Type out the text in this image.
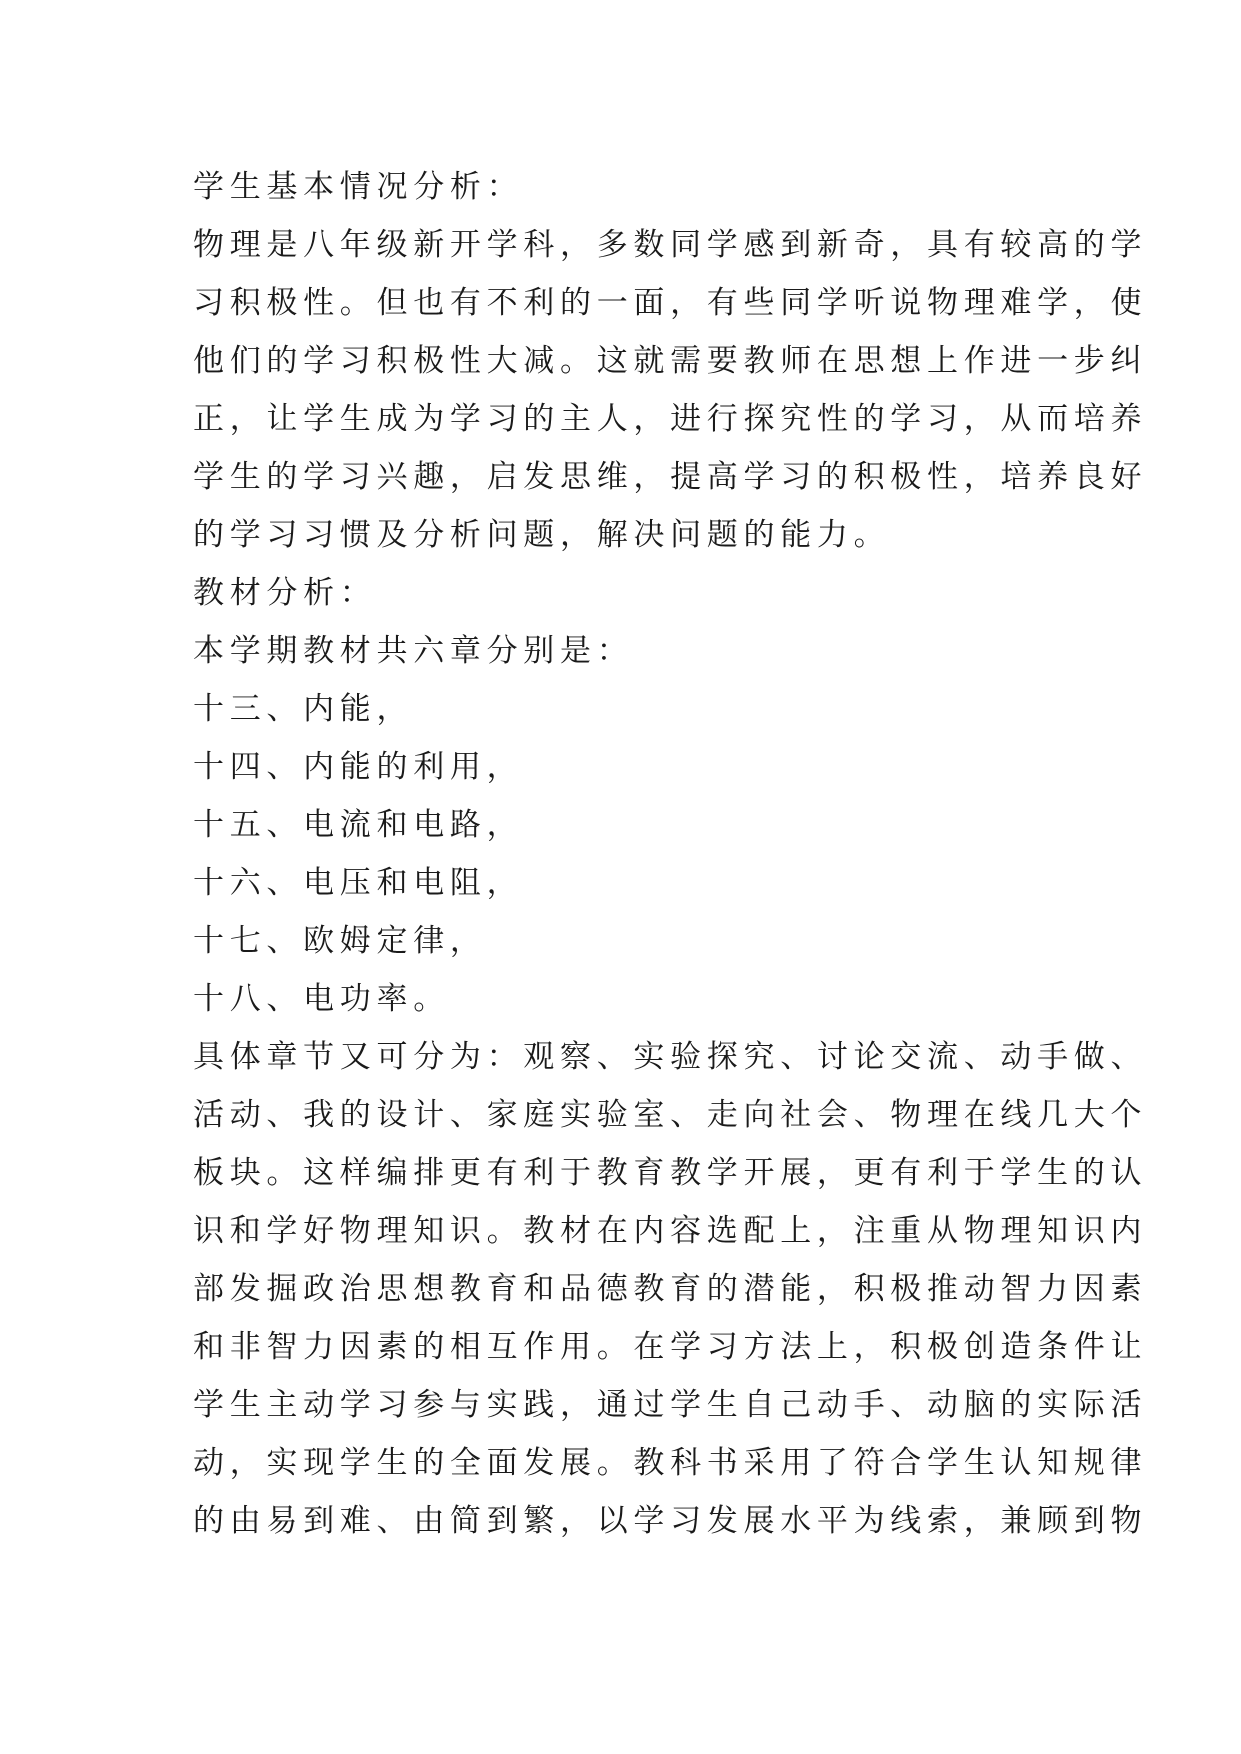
学生基本情况分析：
物理是八年级新开学科，多数同学感到新奇，具有较高的学
习积极性。但也有不利的一面，有些同学听说物理难学，使
他们的学习积极性大减。这就需要教师在思想上作进一步纠
正，让学生成为学习的主人，进行探究性的学习，从而培养
学生的学习兴趣，启发思维，提高学习的积极性，培养良好
的学习习惯及分析问题，解决问题的能力。
教材分析：
本学期教材共六章分别是：
十三、内能，
十四、内能的利用，
十五、电流和电路，
十六、电压和电阻，
十七、欧姆定律，
十八、电功率。
具体章节又可分为：观察、实验探究、讨论交流、动手做、
活动、我的设计、家庭实验室、走向社会、物理在线几大个
板块。这样编排更有利于教育教学开展，更有利于学生的认
识和学好物理知识。教材在内容选配上，注重从物理知识内
部发掘政治思想教育和品德教育的潜能，积极推动智力因素
和非智力因素的相互作用。在学习方法上，积极创造条件让
学生主动学习参与实践，通过学生自己动手、动脑的实际活
动，实现学生的全面发展。教科书采用了符合学生认知规律
的由易到难、由简到繁，以学习发展水平为线索，兼顾到物
